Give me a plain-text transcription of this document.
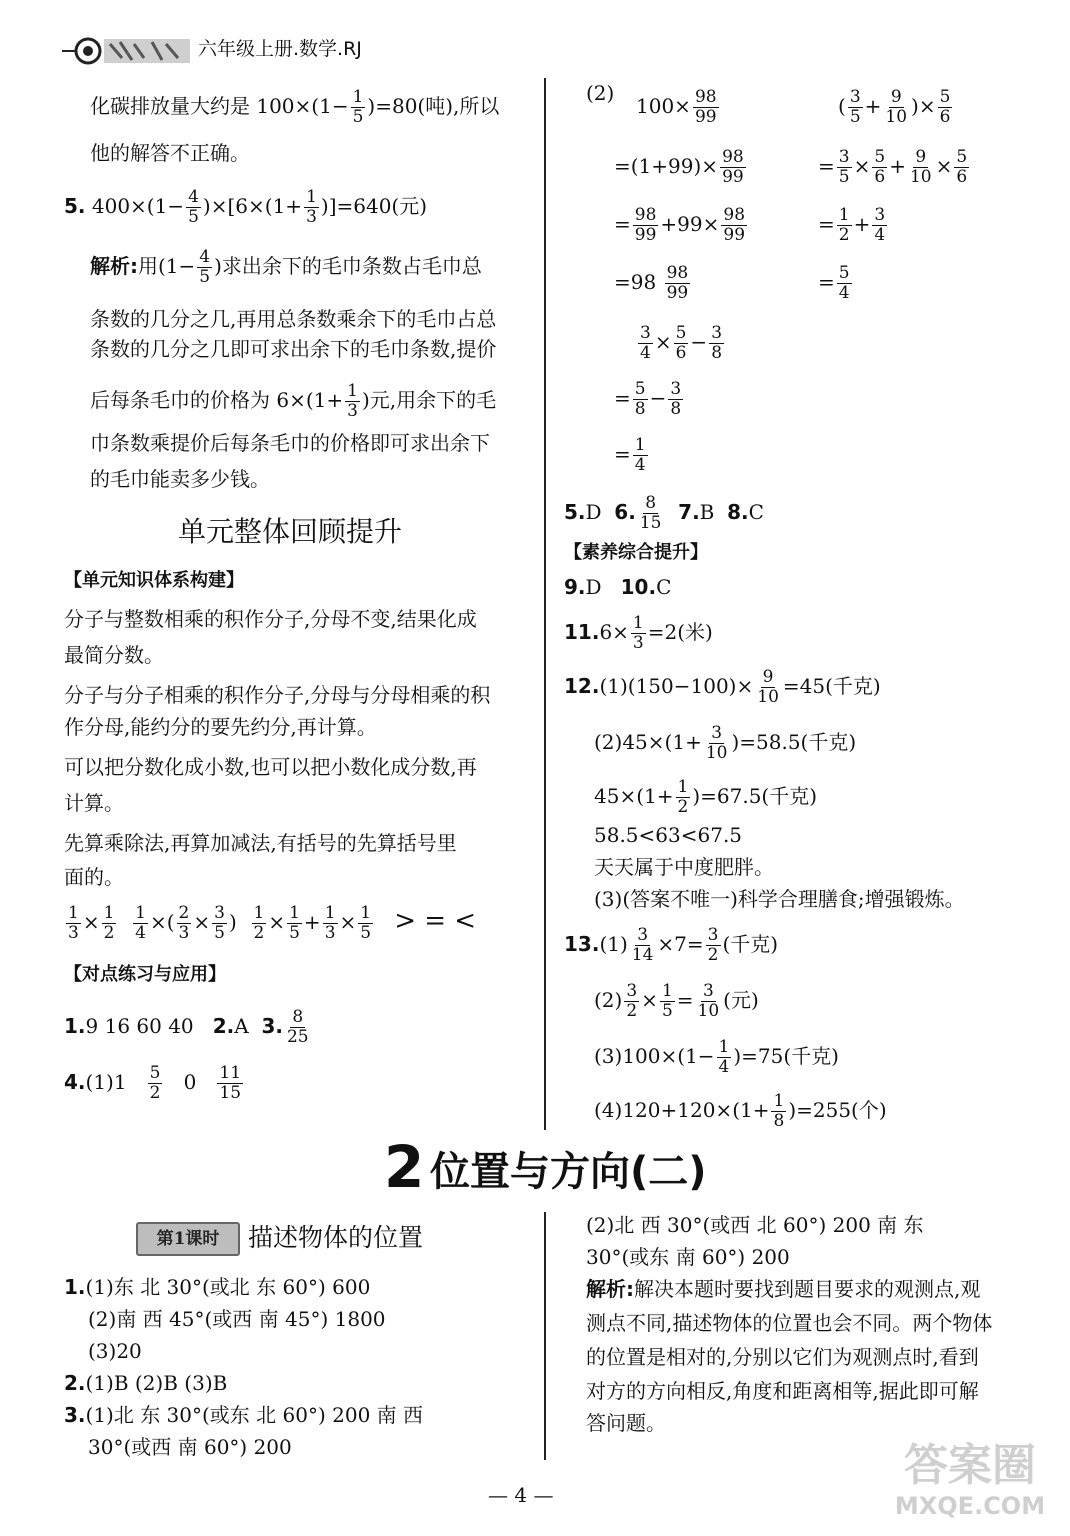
六年级上册.数学.RJ
化碳排放量大约是 $100\times(1- \frac{1}{5} )=80$(吨),所以
他的解答不正确。
5. $400\times(1- \frac{4}{5} )\times[6\times(1+ \frac{1}{3} )]=640$(元)
解析:用($1- \frac{4}{5}$ )求出余下的毛巾条数占毛巾总
条数的几分之几,再用总条数乘余下的毛巾占总
条数的几分之几即可求出余下的毛巾条数,提价
后每条毛巾的价格为 $6\times(1+ \frac{1}{3}$ )元,用余下的毛
巾条数乘提价后每条毛巾的价格即可求出余下
的毛巾能卖多少钱。
单元整体回顾提升
【单元知识体系构建】
分子与整数相乘的积作分子,分母不变,结果化成
最简分数。
分子与分子相乘的积作分子,分母与分母相乘的积
作分母,能约分的要先约分,再计算。
可以把分数化成小数,也可以把小数化成分数,再
计算。
先算乘除法,再算加减法,有括号的先算括号里
面的。
$\frac{1}{3} \times \frac{1}{2}$
$\frac{1}{4}$ ×( $\frac{2}{3} \times \frac{3}{5}$ ) $\frac{1}{2} \times \frac{1}{5} + \frac{1}{3} \times \frac{1}{5}$ > = <
【对点练习与应用】
1.9 16 60 40 2.A 3. $\frac{8}{25}$
$4.(1)1 \frac{5}{2} 0 \frac{11}{15}$
(2)
$100\times \frac{98}{99}$
$=(1+99)\times \frac{98}{99}$
= $\frac{98}{99} +99\times \frac{98}{99}$
$=98 \frac{98}{99}$
( $\frac{3}{5} + \frac{9}{10}$ )× $\frac{5}{6}$
= $\frac{3}{5} \times \frac{5}{6} + \frac{9}{10} \times \frac{5}{6}$
= $\frac{1}{2} + \frac{3}{4}$
= $\frac{5}{4}$
$\frac{3}{4} \times \frac{5}{6} - \frac{3}{8}$
= $\frac{5}{8} - \frac{3}{8}$
= $\frac{1}{4}$
5.D 6. $\frac{8}{15} 7.B$ 8.C
【素养综合提升】
9.D 10.C
$11.6\times \frac{1}{3} =2$(米)
$12.(1)(150-100)\times \frac{9}{10} =45$(千克)
$(2)45\times(1+ \frac{3}{10} )=58.5$(千克)
$45\times(1+ \frac{1}{2} )=67.5$(千克)
58.5<63<67.5
天天属于中度肥胖。
(3)(答案不唯一)科学合理膳食;增强锻炼。
$13.(1) \frac{3}{14} \times 7= \frac{3}{2}$ (千克)
$(2) \frac{3}{2} \times \frac{1}{5} = \frac{3}{10}$ (元)
$(3)100\times(1- \frac{1}{4} )=75$(千克)
$(4)120+120\times(1+ \frac{1}{8} )=255$(个)
2 位置与方向(二)
第1课时	描述物体的位置
1.(1)东 北 30°(或北 东 60°) 600
(2)南 西 45°(或西 南 45°) 1800
(3)20
2.(1)B (2)B (3)B
3.(1)北 东 30°(或东 北 60°) 200 南 西
30°(或西 南 60°) 200
(2)北 西 30°(或西 北 60°) 200 南 东
30°(或东 南 60°) 200
解析:解决本题时要找到题目要求的观测点,观
测点不同,描述物体的位置也会不同。两个物体
的位置是相对的,分别以它们为观测点时,看到
对方的方向相反,角度和距离相等,据此即可解
答问题。
— 4 —
答案圈
MXQE.COM
